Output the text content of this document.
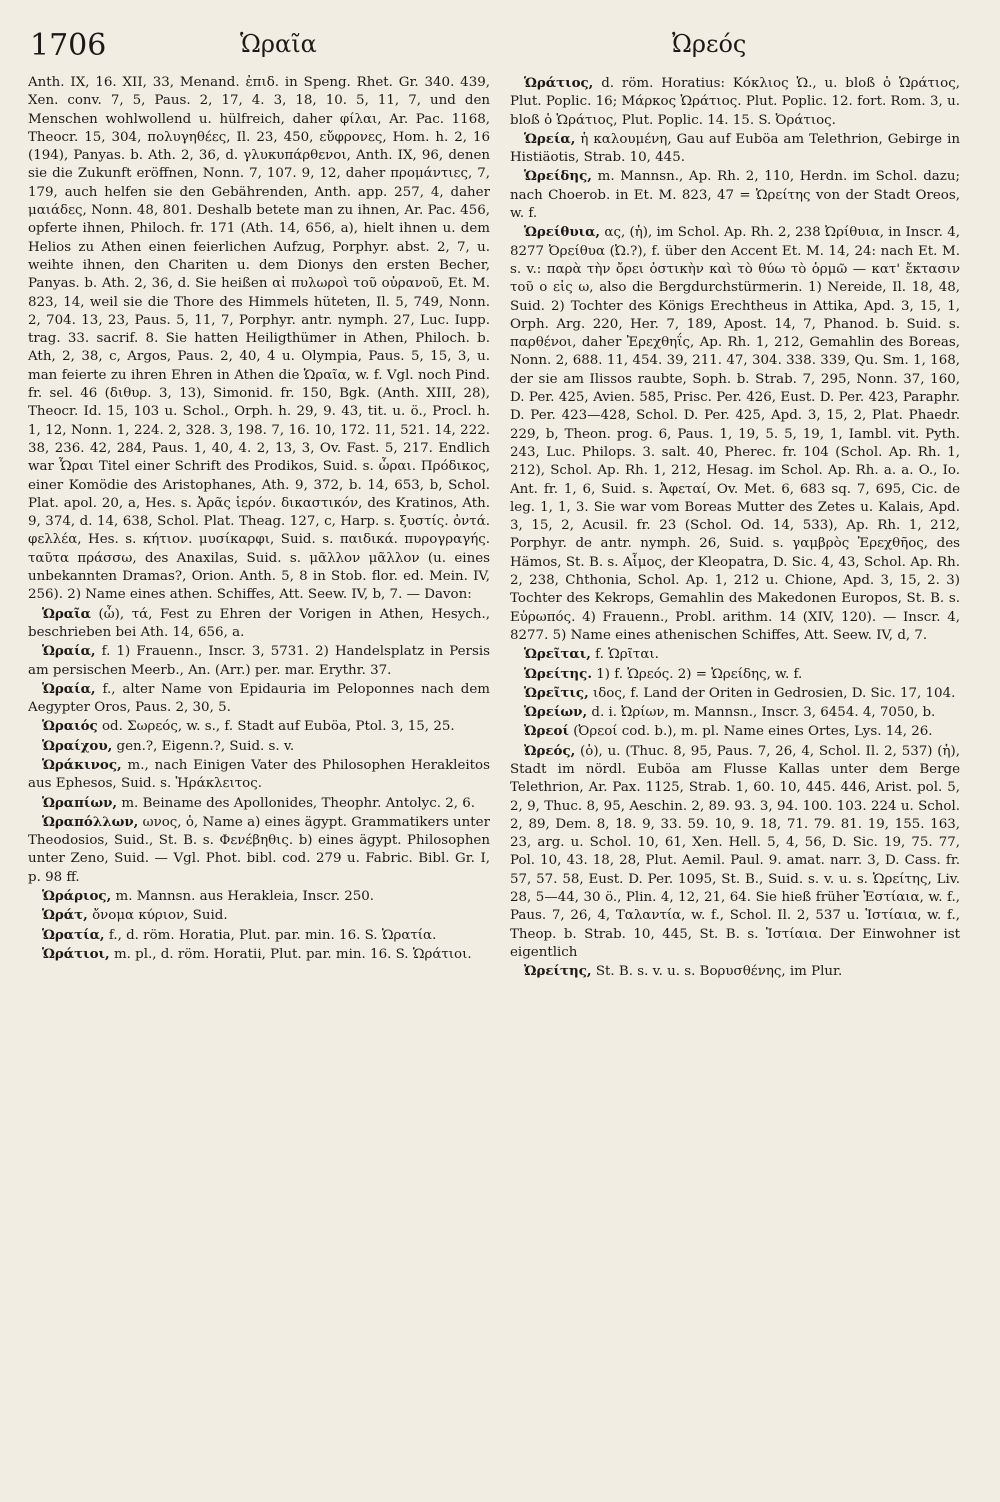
1706	Ὡραῖα	Ὠρεός

Anth. IX, 16. XII, 33, Menand. ἐπιδ. in Speng. Rhet. Gr. 340. 439, Xen. conv. 7, 5, Paus. 2, 17, 4. 3, 18, 10. 5, 11, 7, und den Menschen wohlwollend u. hülfreich, daher φίλαι, Ar. Pac. 1168, Theocr. 15, 304, πολυγηθέες, Il. 23, 450, εὔφρονες, Hom. h. 2, 16 (194), Panyas. b. Ath. 2, 36, d. γλυκυπάρθενοι, Anth. IX, 96, denen sie die Zukunft eröffnen, Nonn. 7, 107. 9, 12, daher προμάντιες, 7, 179, auch helfen sie den Gebährenden, Anth. app. 257, 4, daher μαιάδες, Nonn. 48, 801. Deshalb betete man zu ihnen, Ar. Pac. 456, opferte ihnen, Philoch. fr. 171 (Ath. 14, 656, a), hielt ihnen u. dem Helios zu Athen einen feierlichen Aufzug, Porphyr. abst. 2, 7, u. weihte ihnen, den Chariten u. dem Dionys den ersten Becher, Panyas. b. Ath. 2, 36, d. Sie heißen αἱ πυλωροὶ τοῦ οὐρανοῦ, Et. M. 823, 14, weil sie die Thore des Himmels hüteten, Il. 5, 749, Nonn. 2, 704. 13, 23, Paus. 5, 11, 7, Porphyr. antr. nymph. 27, Luc. Iupp. trag. 33. sacrif. 8. Sie hatten Heiligthümer in Athen, Philoch. b. Ath, 2, 38, c, Argos, Paus. 2, 40, 4 u. Olympia, Paus. 5, 15, 3, u. man feierte zu ihren Ehren in Athen die Ὡραῖα, w. f. Vgl. noch Pind. fr. sel. 46 (διθυρ. 3, 13), Simonid. fr. 150, Bgk. (Anth. XIII, 28), Theocr. Id. 15, 103 u. Schol., Orph. h. 29, 9. 43, tit. u. ö., Procl. h. 1, 12, Nonn. 1, 224. 2, 328. 3, 198. 7, 16. 10, 172. 11, 521. 14, 222. 38, 236. 42, 284, Paus. 1, 40, 4. 2, 13, 3, Ov. Fast. 5, 217. Endlich war Ὧραι Titel einer Schrift des Prodikos, Suid. s. ὧραι. Πρόδικος, einer Komödie des Aristophanes, Ath. 9, 372, b. 14, 653, b, Schol. Plat. apol. 20, a, Hes. s. Ἀρᾶς ἱερόν. δικαστικόν, des Kratinos, Ath. 9, 374, d. 14, 638, Schol. Plat. Theag. 127, c, Harp. s. ξυστίς. ὀντά. φελλέα, Hes. s. κήτιον. μυσίκαρφι, Suid. s. παιδικά. πυρογραγής. ταῦτα πράσσω, des Anaxilas, Suid. s. μᾶλλον μᾶλλον (u. eines unbekannten Dramas?, Orion. Anth. 5, 8 in Stob. flor. ed. Mein. IV, 256). 2) Name eines athen. Schiffes, Att. Seew. IV, b, 7. — Davon:

Ὡραῖα (ὦ), τά, Fest zu Ehren der Vorigen in Athen, Hesych., beschrieben bei Ath. 14, 656, a.

Ὡραία, f. 1) Frauenn., Inscr. 3, 5731. 2) Handelsplatz in Persis am persischen Meerb., An. (Arr.) per. mar. Erythr. 37.

Ὡραία, f., alter Name von Epidauria im Peloponnes nach dem Aegypter Oros, Paus. 2, 30, 5.

Ὡραιός od. Σωρεός, w. s., f. Stadt auf Euböa, Ptol. 3, 15, 25.

Ὡραίχου, gen.?, Eigenn.?, Suid. s. v.

Ὡράκινος, m., nach Einigen Vater des Philosophen Herakleitos aus Ephesos, Suid. s. Ἡράκλειτος.

Ὡραπίων, m. Beiname des Apollonides, Theophr. Antolyc. 2, 6.

Ὡραπόλλων, ωνος, ὁ, Name a) eines ägypt. Grammatikers unter Theodosios, Suid., St. B. s. Φενέβηθις. b) eines ägypt. Philosophen unter Zeno, Suid. — Vgl. Phot. bibl. cod. 279 u. Fabric. Bibl. Gr. I, p. 98 ff.

Ὡράριος, m. Mannsn. aus Herakleia, Inscr. 250.

Ὡράτ, ὄνομα κύριον, Suid.

Ὡρατία, f., d. röm. Horatia, Plut. par. min. 16. S. Ὡρατία.

Ὡράτιοι, m. pl., d. röm. Horatii, Plut. par. min. 16. S. Ὡράτιοι.

Ὡράτιος, d. röm. Horatius: Κόκλιος Ὡ., u. bloß ὁ Ὡράτιος, Plut. Poplic. 16; Μάρκος Ὡράτιος. Plut. Poplic. 12. fort. Rom. 3, u. bloß ὁ Ὡράτιος, Plut. Poplic. 14. 15. S. Ὀράτιος.

Ὡρεία, ἡ καλουμένη, Gau auf Euböa am Telethrion, Gebirge in Histiäotis, Strab. 10, 445.

Ὡρείδης, m. Mannsn., Ap. Rh. 2, 110, Herdn. im Schol. dazu; nach Choerob. in Et. M. 823, 47 = Ὡρείτης von der Stadt Oreos, w. f.

Ὡρείθυια, ας, (ἡ), im Schol. Ap. Rh. 2, 238 Ὠρίθυια, in Inscr. 4, 8277 Ὀρείθυα (Ὠ.?), f. über den Accent Et. M. 14, 24: nach Et. M. s. v.: παρὰ τὴν ὄρει ὀστικὴν καὶ τὸ θύω τὸ ὁρμῶ — κατ' ἔκτασιν τοῦ ο εἰς ω, also die Bergdurchstürmerin. 1) Nereide, Il. 18, 48, Suid. 2) Tochter des Königs Erechtheus in Attika, Apd. 3, 15, 1, Orph. Arg. 220, Her. 7, 189, Apost. 14, 7, Phanod. b. Suid. s. παρθένοι, daher Ἐρεχθηΐς, Ap. Rh. 1, 212, Gemahlin des Boreas, Nonn. 2, 688. 11, 454. 39, 211. 47, 304. 338. 339, Qu. Sm. 1, 168, der sie am Ilissos raubte, Soph. b. Strab. 7, 295, Nonn. 37, 160, D. Per. 425, Avien. 585, Prisc. Per. 426, Eust. D. Per. 423, Paraphr. D. Per. 423—428, Schol. D. Per. 425, Apd. 3, 15, 2, Plat. Phaedr. 229, b, Theon. prog. 6, Paus. 1, 19, 5. 5, 19, 1, Iambl. vit. Pyth. 243, Luc. Philops. 3. salt. 40, Pherec. fr. 104 (Schol. Ap. Rh. 1, 212), Schol. Ap. Rh. 1, 212, Hesag. im Schol. Ap. Rh. a. a. O., Io. Ant. fr. 1, 6, Suid. s. Ἀφεταί, Ov. Met. 6, 683 sq. 7, 695, Cic. de leg. 1, 1, 3. Sie war vom Boreas Mutter des Zetes u. Kalais, Apd. 3, 15, 2, Acusil. fr. 23 (Schol. Od. 14, 533), Ap. Rh. 1, 212, Porphyr. de antr. nymph. 26, Suid. s. γαμβρὸς Ἐρεχθῆος, des Hämos, St. B. s. Αἷμος, der Kleopatra, D. Sic. 4, 43, Schol. Ap. Rh. 2, 238, Chthonia, Schol. Ap. 1, 212 u. Chione, Apd. 3, 15, 2. 3) Tochter des Kekrops, Gemahlin des Makedonen Europos, St. B. s. Εὐρωπός. 4) Frauenn., Probl. arithm. 14 (XIV, 120). — Inscr. 4, 8277. 5) Name eines athenischen Schiffes, Att. Seew. IV, d, 7.

Ὡρεῖται, f. Ὡρῖται.

Ὡρείτης. 1) f. Ὡρεός. 2) = Ὡρείδης, w. f.

Ὡρεῖτις, ιδος, f. Land der Oriten in Gedrosien, D. Sic. 17, 104.

Ὡρείων, d. i. Ὠρίων, m. Mannsn., Inscr. 3, 6454. 4, 7050, b.

Ὠρεοί (Ὀρεοί cod. b.), m. pl. Name eines Ortes, Lys. 14, 26.

Ὠρεός, (ὁ), u. (Thuc. 8, 95, Paus. 7, 26, 4, Schol. Il. 2, 537) (ἡ), Stadt im nördl. Euböa am Flusse Kallas unter dem Berge Telethrion, Ar. Pax. 1125, Strab. 1, 60. 10, 445. 446, Arist. pol. 5, 2, 9, Thuc. 8, 95, Aeschin. 2, 89. 93. 3, 94. 100. 103. 224 u. Schol. 2, 89, Dem. 8, 18. 9, 33. 59. 10, 9. 18, 71. 79. 81. 19, 155. 163, 23, arg. u. Schol. 10, 61, Xen. Hell. 5, 4, 56, D. Sic. 19, 75. 77, Pol. 10, 43. 18, 28, Plut. Aemil. Paul. 9. amat. narr. 3, D. Cass. fr. 57, 57. 58, Eust. D. Per. 1095, St. B., Suid. s. v. u. s. Ὡρείτης, Liv. 28, 5—44, 30 ö., Plin. 4, 12, 21, 64. Sie hieß früher Ἑστίαια, w. f., Paus. 7, 26, 4, Ταλαντία, w. f., Schol. Il. 2, 537 u. Ἱστίαια, w. f., Theop. b. Strab. 10, 445, St. B. s. Ἱστίαια. Der Einwohner ist eigentlich

Ὠρείτης, St. B. s. v. u. s. Βορυσθένης, im Plur.
